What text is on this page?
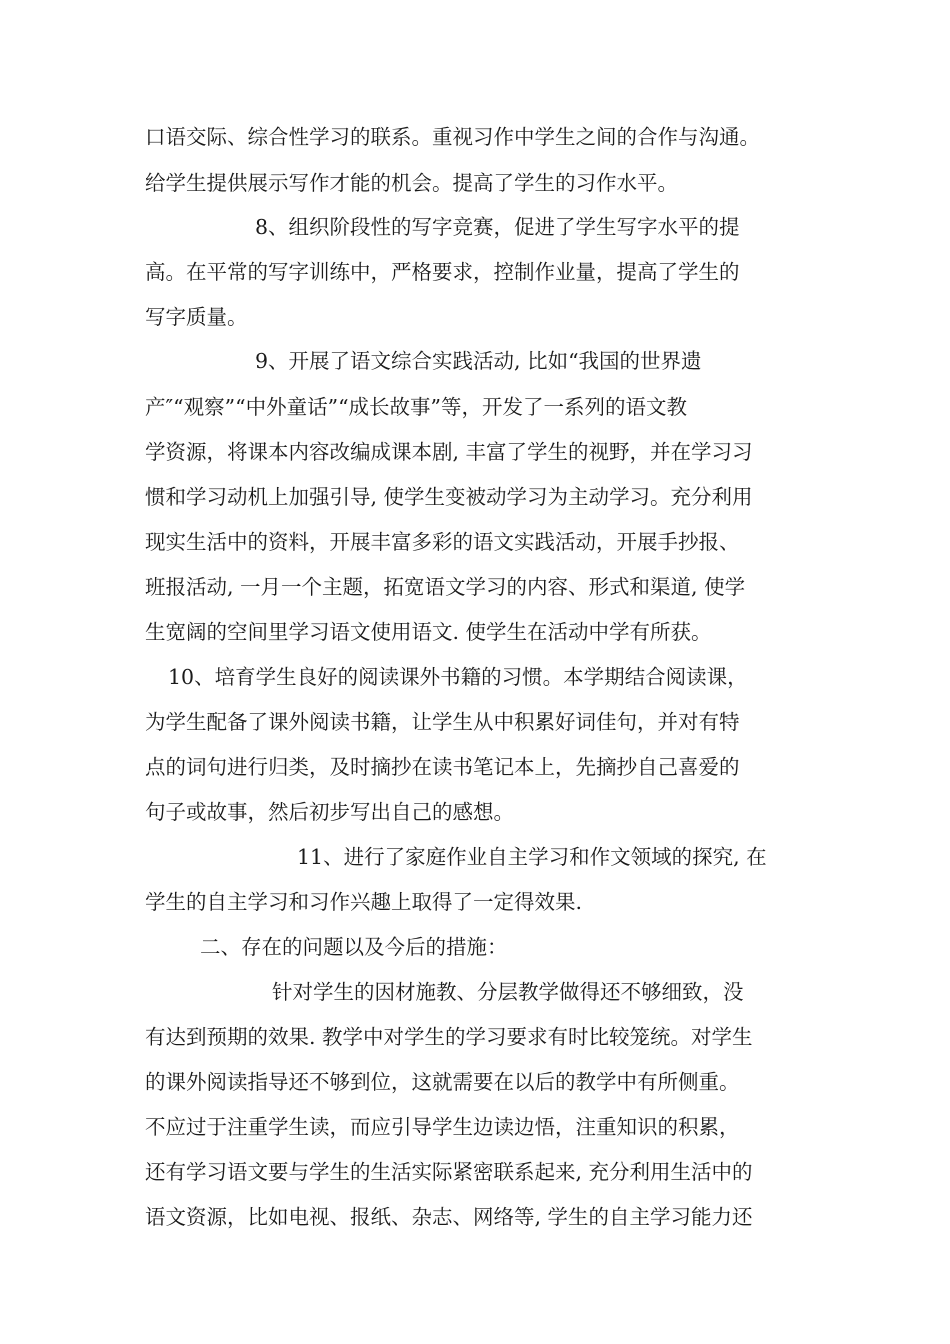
口语交际、综合性学习的联系。重视习作中学生之间的合作与沟通。
给学生提供展示写作才能的机会。提高了学生的习作水平。
8、组织阶段性的写字竞赛，促进了学生写字水平的提
高。在平常的写字训练中，严格要求，控制作业量，提高了学生的
写字质量。
9、开展了语文综合实践活动, 比如“我国的世界遗
产″“观察”“中外童话”“成长故事”等，开发了一系列的语文教
学资源，将课本内容改编成课本剧, 丰富了学生的视野，并在学习习
惯和学习动机上加强引导, 使学生变被动学习为主动学习。充分利用
现实生活中的资料，开展丰富多彩的语文实践活动，开展手抄报、
班报活动, 一月一个主题，拓宽语文学习的内容、形式和渠道, 使学
生宽阔的空间里学习语文使用语文. 使学生在活动中学有所获。
10、培育学生良好的阅读课外书籍的习惯。本学期结合阅读课，
为学生配备了课外阅读书籍，让学生从中积累好词佳句，并对有特
点的词句进行归类，及时摘抄在读书笔记本上，先摘抄自己喜爱的
句子或故事，然后初步写出自己的感想。
11、进行了家庭作业自主学习和作文领域的探究, 在
学生的自主学习和习作兴趣上取得了一定得效果.
二、存在的问题以及今后的措施：
针对学生的因材施教、分层教学做得还不够细致，没
有达到预期的效果. 教学中对学生的学习要求有时比较笼统。对学生
的课外阅读指导还不够到位，这就需要在以后的教学中有所侧重。
不应过于注重学生读，而应引导学生边读边悟，注重知识的积累，
还有学习语文要与学生的生活实际紧密联系起来, 充分利用生活中的
语文资源，比如电视、报纸、杂志、网络等, 学生的自主学习能力还
